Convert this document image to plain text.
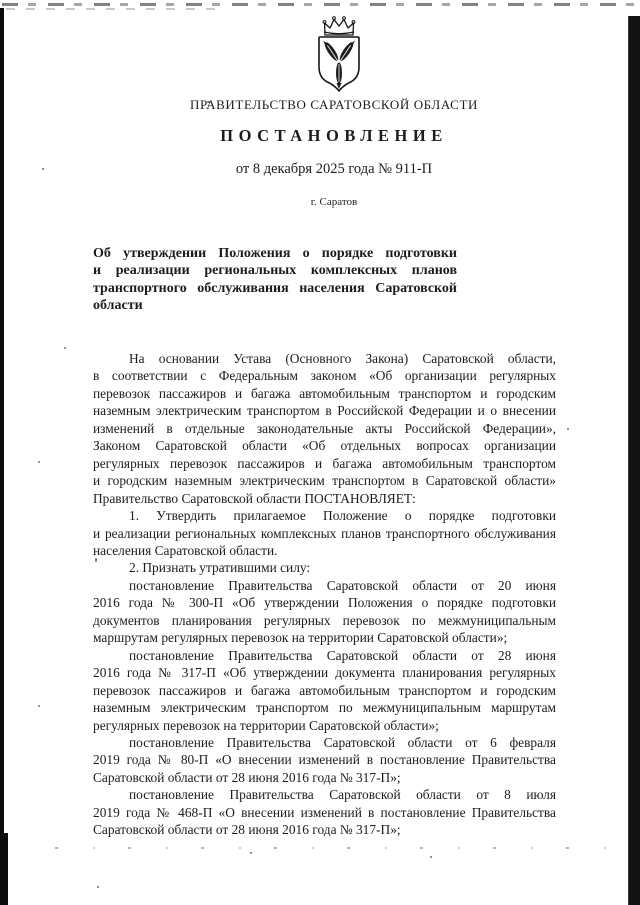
ПРАВИТЕЛЬСТВО САРАТОВСКОЙ ОБЛАСТИ
ПОСТАНОВЛЕНИЕ
от 8 декабря 2025 года № 911-П
г. Саратов
Об утверждении Положения о порядке подготовки
и реализации региональных комплексных планов
транспортного обслуживания населения Саратовской
области
На основании Устава (Основного Закона) Саратовской области,
в соответствии с Федеральным законом «Об организации регулярных
перевозок пассажиров и багажа автомобильным транспортом и городским
наземным электрическим транспортом в Российской Федерации и о внесении
изменений в отдельные законодательные акты Российской Федерации»,
Законом Саратовской области «Об отдельных вопросах организации
регулярных перевозок пассажиров и багажа автомобильным транспортом
и городским наземным электрическим транспортом в Саратовской области»
Правительство Саратовской области ПОСТАНОВЛЯЕТ:
1. Утвердить прилагаемое Положение о порядке подготовки
и реализации региональных комплексных планов транспортного обслуживания
населения Саратовской области.
2. Признать утратившими силу:
постановление Правительства Саратовской области от 20 июня
2016 года № 300-П «Об утверждении Положения о порядке подготовки
документов планирования регулярных перевозок по межмуниципальным
маршрутам регулярных перевозок на территории Саратовской области»;
постановление Правительства Саратовской области от 28 июня
2016 года № 317-П «Об утверждении документа планирования регулярных
перевозок пассажиров и багажа автомобильным транспортом и городским
наземным электрическим транспортом по межмуниципальным маршрутам
регулярных перевозок на территории Саратовской области»;
постановление Правительства Саратовской области от 6 февраля
2019 года № 80-П «О внесении изменений в постановление Правительства
Саратовской области от 28 июня 2016 года № 317-П»;
постановление Правительства Саратовской области от 8 июля
2019 года № 468-П «О внесении изменений в постановление Правительства
Саратовской области от 28 июня 2016 года № 317-П»;
